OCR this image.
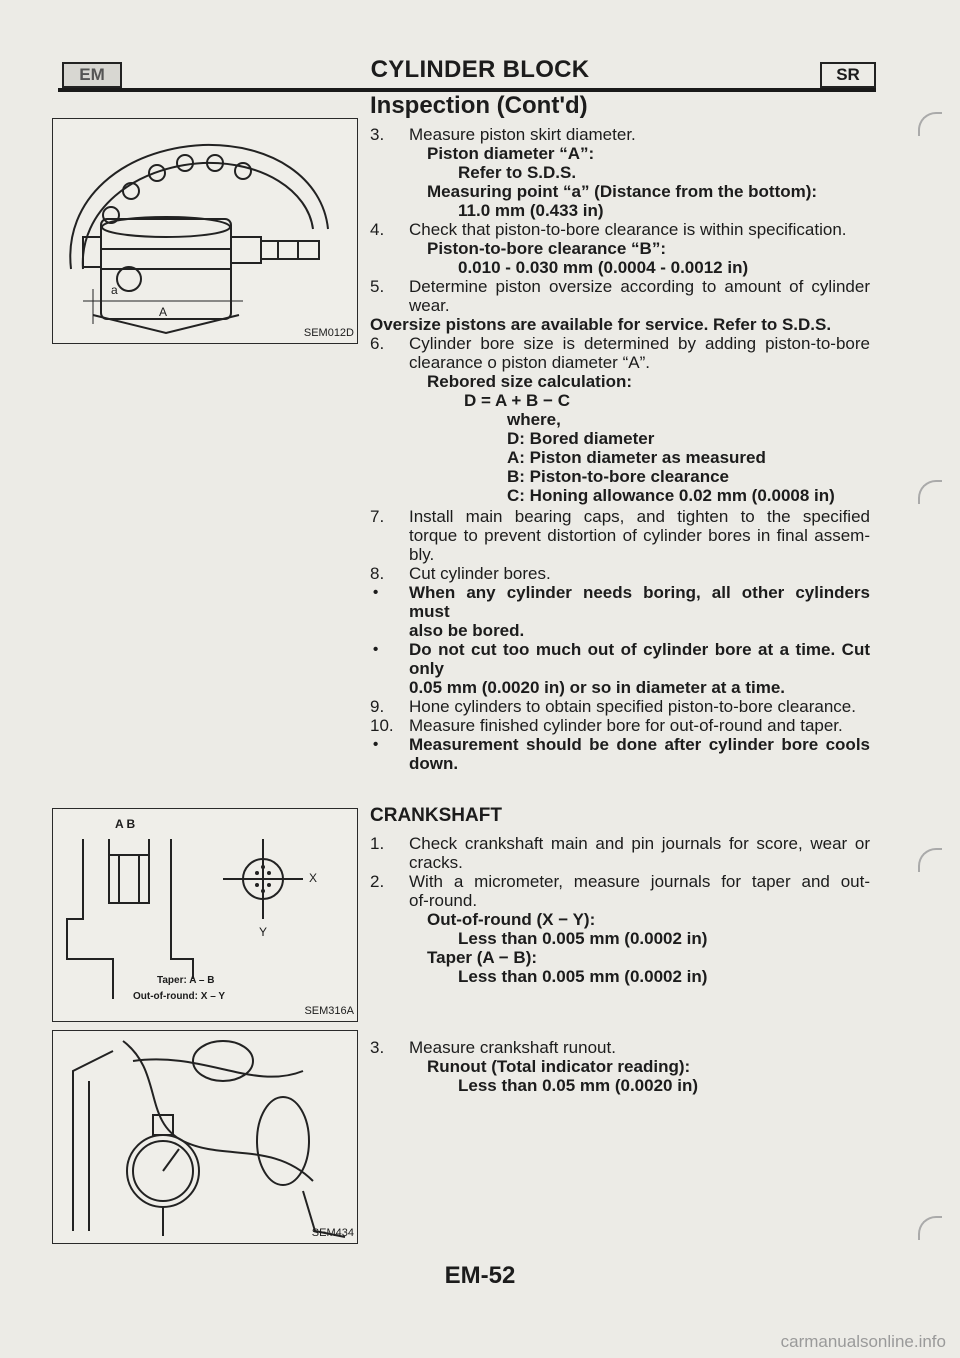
EM	CYLINDER BLOCK	SR
Inspection (Cont'd)
a
A
SEM012D
A B
X
Y
Taper: A – B
Out-of-round: X – Y
SEM316A
SEM434
3. Measure piston skirt diameter.
Piston diameter “A”:
Refer to S.D.S.
Measuring point “a” (Distance from the bottom):
11.0 mm (0.433 in)
4. Check that piston-to-bore clearance is within specification.
Piston-to-bore clearance “B”:
0.010 - 0.030 mm (0.0004 - 0.0012 in)
5. Determine piston oversize according to amount of cylinder
wear.
Oversize pistons are available for service. Refer to S.D.S.
6. Cylinder bore size is determined by adding piston-to-bore
clearance o piston diameter “A”.
Rebored size calculation:
D = A + B − C
where,
D: Bored diameter
A: Piston diameter as measured
B: Piston-to-bore clearance
C: Honing allowance 0.02 mm (0.0008 in)
7. Install main bearing caps, and tighten to the specified
torque to prevent distortion of cylinder bores in final assem-
bly.
8. Cut cylinder bores.
• When any cylinder needs boring, all other cylinders must
also be bored.
• Do not cut too much out of cylinder bore at a time. Cut only
0.05 mm (0.0020 in) or so in diameter at a time.
9. Hone cylinders to obtain specified piston-to-bore clearance.
10. Measure finished cylinder bore for out-of-round and taper.
• Measurement should be done after cylinder bore cools
down.
CRANKSHAFT
1. Check crankshaft main and pin journals for score, wear or
cracks.
2. With a micrometer, measure journals for taper and out-
of-round.
Out-of-round (X − Y):
Less than 0.005 mm (0.0002 in)
Taper (A − B):
Less than 0.005 mm (0.0002 in)
3. Measure crankshaft runout.
Runout (Total indicator reading):
Less than 0.05 mm (0.0020 in)
EM-52
carmanualsonline.info
